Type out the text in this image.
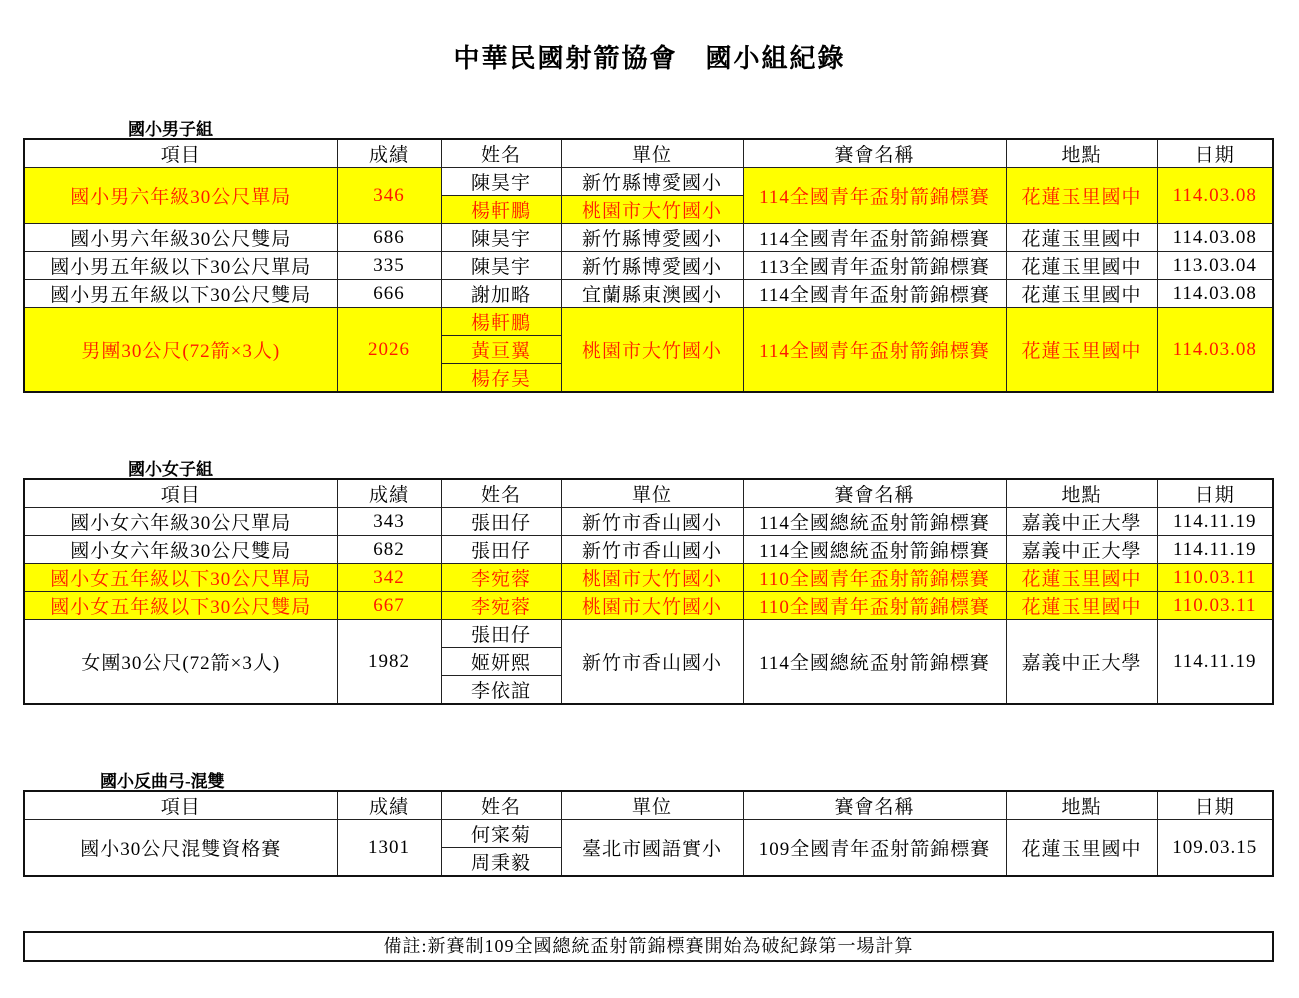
中華民國射箭協會　國小組紀錄
國小男子組
項目	成績	姓名	單位	賽會名稱	地點	日期
國小男六年級30公尺單局	346	陳昊宇	新竹縣博愛國小	114全國青年盃射箭錦標賽	花蓮玉里國中	114.03.08
		楊軒鵬	桃園市大竹國小			
國小男六年級30公尺雙局	686	陳昊宇	新竹縣博愛國小	114全國青年盃射箭錦標賽	花蓮玉里國中	114.03.08
國小男五年級以下30公尺單局	335	陳昊宇	新竹縣博愛國小	113全國青年盃射箭錦標賽	花蓮玉里國中	113.03.04
國小男五年級以下30公尺雙局	666	謝加略	宜蘭縣東澳國小	114全國青年盃射箭錦標賽	花蓮玉里國中	114.03.08
男團30公尺(72箭×3人)	2026	楊軒鵬	桃園市大竹國小	114全國青年盃射箭錦標賽	花蓮玉里國中	114.03.08
		黃亘翼				
		楊存昊				
國小女子組
項目	成績	姓名	單位	賽會名稱	地點	日期
國小女六年級30公尺單局	343	張田仔	新竹市香山國小	114全國總統盃射箭錦標賽	嘉義中正大學	114.11.19
國小女六年級30公尺雙局	682	張田仔	新竹市香山國小	114全國總統盃射箭錦標賽	嘉義中正大學	114.11.19
國小女五年級以下30公尺單局	342	李宛蓉	桃園市大竹國小	110全國青年盃射箭錦標賽	花蓮玉里國中	110.03.11
國小女五年級以下30公尺雙局	667	李宛蓉	桃園市大竹國小	110全國青年盃射箭錦標賽	花蓮玉里國中	110.03.11
女團30公尺(72箭×3人)	1982	張田仔	新竹市香山國小	114全國總統盃射箭錦標賽	嘉義中正大學	114.11.19
		姬妍熙				
		李依誼				
國小反曲弓-混雙
項目	成績	姓名	單位	賽會名稱	地點	日期
國小30公尺混雙資格賽	1301	何寀菊	臺北市國語實小	109全國青年盃射箭錦標賽	花蓮玉里國中	109.03.15
		周秉毅				
備註:新賽制109全國總統盃射箭錦標賽開始為破紀錄第一場計算
